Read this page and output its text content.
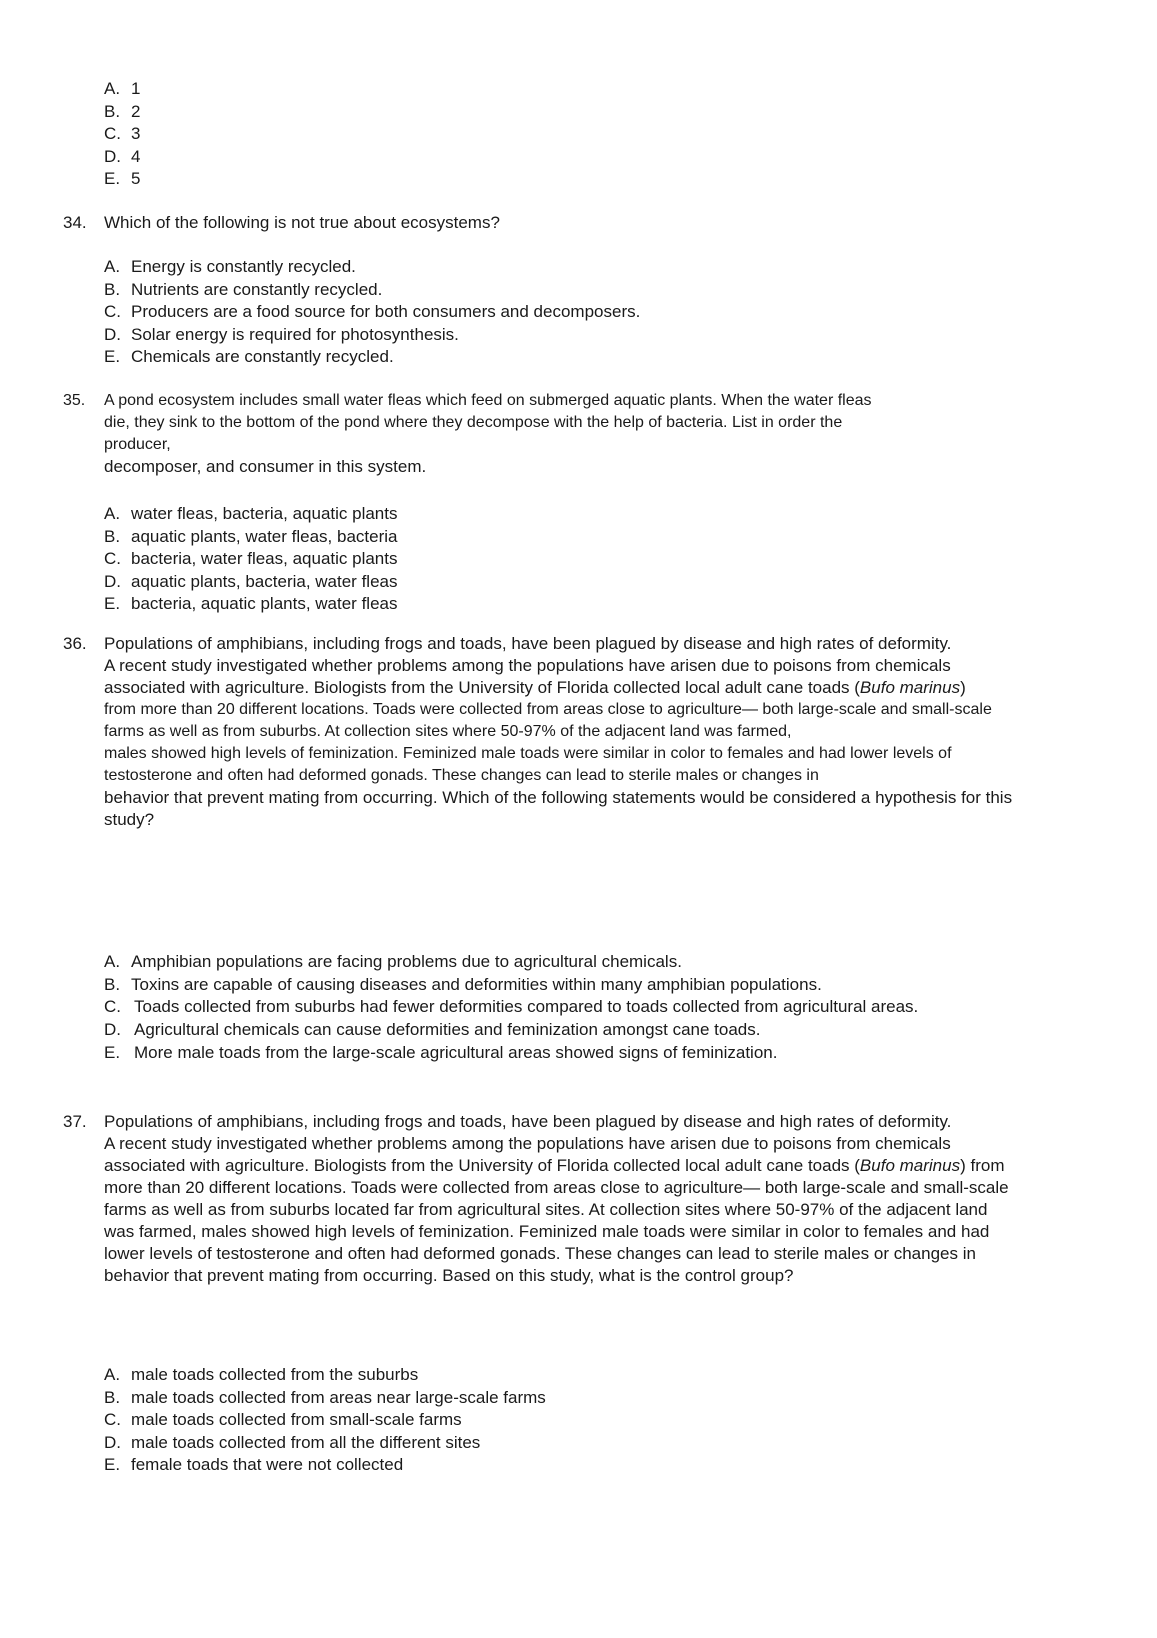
A. 1
B. 2
C. 3
D. 4
E. 5
34. Which of the following is not true about ecosystems?

A. Energy is constantly recycled.
B. Nutrients are constantly recycled.
C. Producers are a food source for both consumers and decomposers.
D. Solar energy is required for photosynthesis.
E. Chemicals are constantly recycled.
35. A pond ecosystem includes small water fleas which feed on submerged aquatic plants. When the water fleas

die, they sink to the bottom of the pond where they decompose with the help of bacteria. List in order the

producer,

decomposer, and consumer in this system.

A. water fleas, bacteria, aquatic plants
B. aquatic plants, water fleas, bacteria
C. bacteria, water fleas, aquatic plants
D. aquatic plants, bacteria, water fleas
E. bacteria, aquatic plants, water fleas
36. Populations of amphibians, including frogs and toads, have been plagued by disease and high rates of deformity.

A recent study investigated whether problems among the populations have arisen due to poisons from chemicals associated with agriculture. Biologists from the University of Florida collected local adult cane toads (Bufo marinus)

from more than 20 different locations. Toads were collected from areas close to agriculture— both large-scale and small-scale farms as well as from suburbs. At collection sites where 50-97% of the adjacent land was farmed,

males showed high levels of feminization. Feminized male toads were similar in color to females and had lower levels of testosterone and often had deformed gonads. These changes can lead to sterile males or changes in

behavior that prevent mating from occurring. Which of the following statements would be considered a hypothesis for this study?

A. Amphibian populations are facing problems due to agricultural chemicals.
B. Toxins are capable of causing diseases and deformities within many amphibian populations.
C. Toads collected from suburbs had fewer deformities compared to toads collected from agricultural areas.
D. Agricultural chemicals can cause deformities and feminization amongst cane toads.
E. More male toads from the large-scale agricultural areas showed signs of feminization.
37. Populations of amphibians, including frogs and toads, have been plagued by disease and high rates of deformity.

A recent study investigated whether problems among the populations have arisen due to poisons from chemicals associated with agriculture. Biologists from the University of Florida collected local adult cane toads (Bufo marinus) from more than 20 different locations. Toads were collected from areas close to agriculture— both large-scale and small-scale farms as well as from suburbs located far from agricultural sites. At collection sites where 50-97% of the adjacent land was farmed, males showed high levels of feminization. Feminized male toads were similar in color to females and had lower levels of testosterone and often had deformed gonads. These changes can lead to sterile males or changes in behavior that prevent mating from occurring. Based on this study, what is the control group?

A. male toads collected from the suburbs
B. male toads collected from areas near large-scale farms
C. male toads collected from small-scale farms
D. male toads collected from all the different sites
E. female toads that were not collected
